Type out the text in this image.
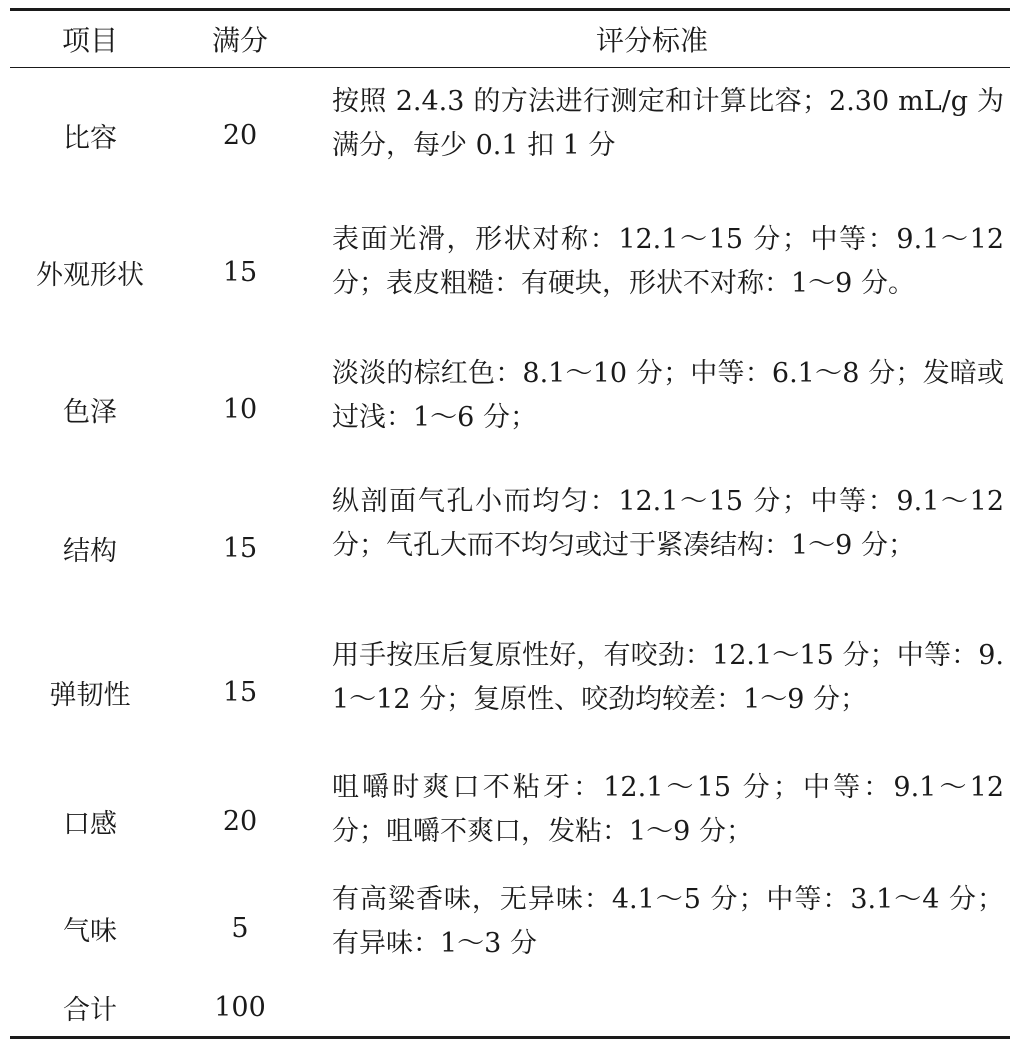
项目	满分	评分标准
比容	20	按照 2.4.3 的方法进行测定和计算比容；2.30 mL/g 为满分，每少 0.1 扣 1 分

外观形状	15	表面光滑，形状对称：12.1～15 分；中等：9.1～12 分；表皮粗糙：有硬块，形状不对称：1～9 分。

色泽	10	淡淡的棕红色：8.1～10 分；中等：6.1～8 分；发暗或过浅：1～6 分；

结构	15	纵剖面气孔小而均匀：12.1～15 分；中等：9.1～12 分；气孔大而不均匀或过于紧凑结构：1～9 分；

弹韧性	15	用手按压后复原性好，有咬劲：12.1～15 分；中等：9.1～12 分；复原性、咬劲均较差：1～9 分；

口感	20	咀嚼时爽口不粘牙：12.1～15 分；中等：9.1～12 分；咀嚼不爽口，发粘：1～9 分；

气味	5	有高粱香味，无异味：4.1～5 分；中等：3.1～4 分；有异味：1～3 分

合计	100	
